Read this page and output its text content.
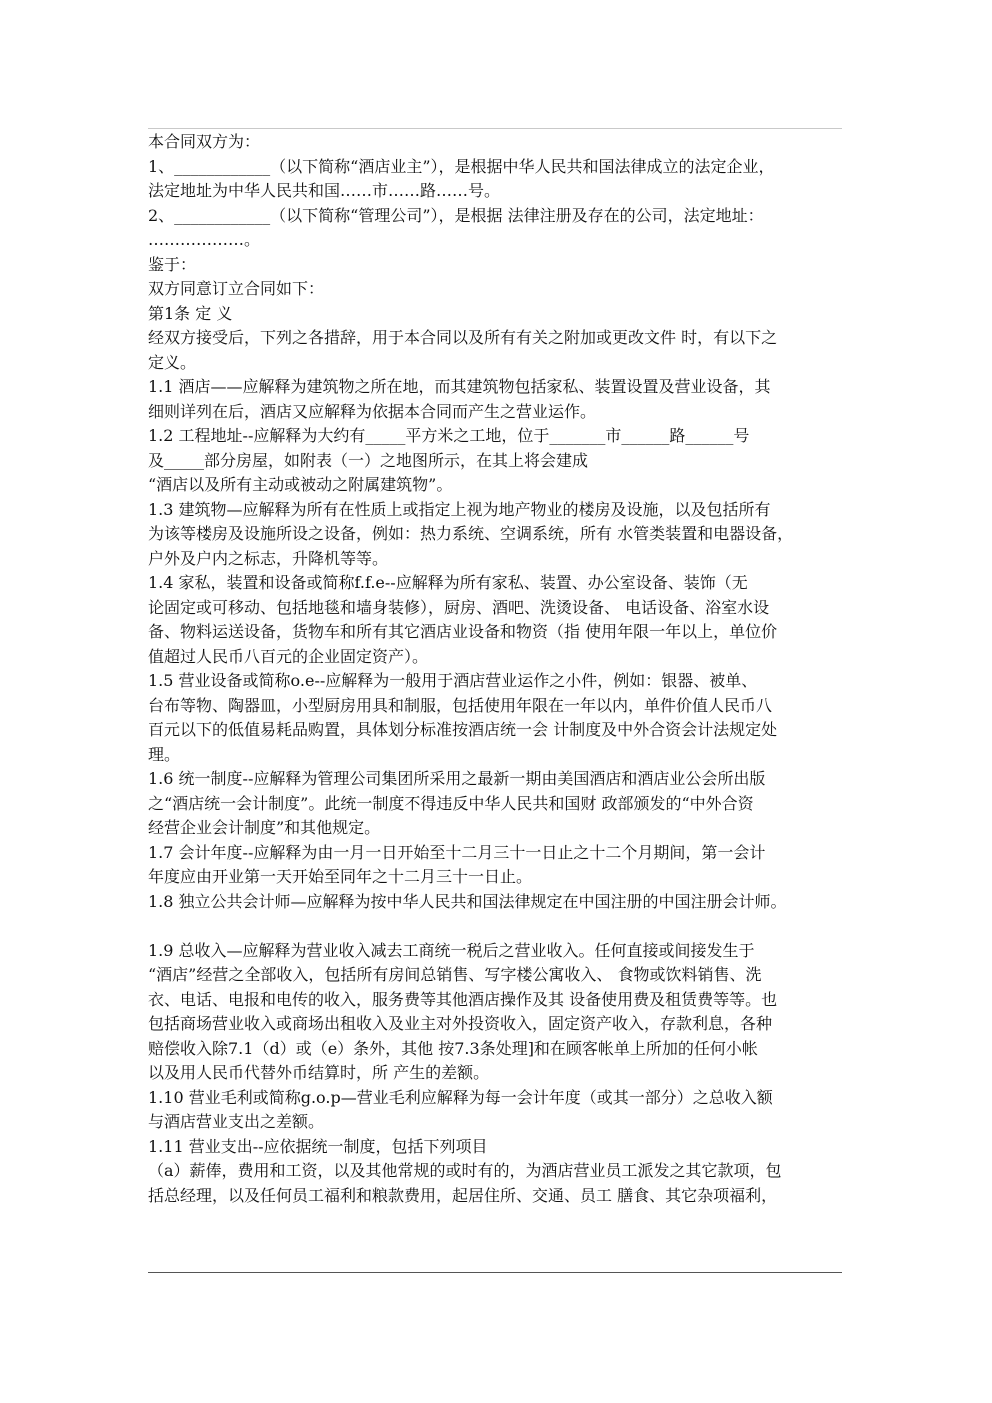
本合同双方为：
1、____________（以下简称“酒店业主”），是根据中华人民共和国法律成立的法定企业，
法定地址为中华人民共和国……市……路……号。
2、____________（以下简称“管理公司”），是根据 法律注册及存在的公司，法定地址：
………………。
鉴于：
双方同意订立合同如下：
第1条 定 义
经双方接受后，下列之各措辞，用于本合同以及所有有关之附加或更改文件 时，有以下之
定义。
1.1 酒店——应解释为建筑物之所在地，而其建筑物包括家私、装置设置及营业设备，其
细则详列在后，酒店又应解释为依据本合同而产生之营业运作。
1.2 工程地址--应解释为大约有_____平方米之工地，位于_______市______路______号
及_____部分房屋，如附表（一）之地图所示，在其上将会建成
“酒店以及所有主动或被动之附属建筑物”。
1.3 建筑物—应解释为所有在性质上或指定上视为地产物业的楼房及设施，以及包括所有
为该等楼房及设施所设之设备，例如：热力系统、空调系统，所有 水管类装置和电器设备，
户外及户内之标志，升降机等等。
1.4 家私，装置和设备或简称f.f.e--应解释为所有家私、装置、办公室设备、装饰（无
论固定或可移动、包括地毯和墙身装修），厨房、酒吧、洗烫设备、 电话设备、浴室水设
备、物料运送设备，货物车和所有其它酒店业设备和物资（指 使用年限一年以上，单位价
值超过人民币八百元的企业固定资产）。
1.5 营业设备或简称o.e--应解释为一般用于酒店营业运作之小件，例如：银器、被单、
台布等物、陶器皿，小型厨房用具和制服，包括使用年限在一年以内，单件价值人民币八
百元以下的低值易耗品购置，具体划分标准按酒店统一会 计制度及中外合资会计法规定处
理。
1.6 统一制度--应解释为管理公司集团所采用之最新一期由美国酒店和酒店业公会所出版
之“酒店统一会计制度”。此统一制度不得违反中华人民共和国财 政部颁发的“中外合资
经营企业会计制度”和其他规定。
1.7 会计年度--应解释为由一月一日开始至十二月三十一日止之十二个月期间，第一会计
年度应由开业第一天开始至同年之十二月三十一日止。
1.8 独立公共会计师—应解释为按中华人民共和国法律规定在中国注册的中国注册会计师。
1.9 总收入—应解释为营业收入减去工商统一税后之营业收入。任何直接或间接发生于
“酒店”经营之全部收入，包括所有房间总销售、写字楼公寓收入、 食物或饮料销售、洗
衣、电话、电报和电传的收入，服务费等其他酒店操作及其 设备使用费及租赁费等等。也
包括商场营业收入或商场出租收入及业主对外投资收入，固定资产收入，存款利息，各种
赔偿收入除7.1（d）或（e）条外，其他 按7.3条处理]和在顾客帐单上所加的任何小帐
以及用人民币代替外币结算时，所 产生的差额。
1.10 营业毛利或简称g.o.p—营业毛利应解释为每一会计年度（或其一部分）之总收入额
与酒店营业支出之差额。
1.11 营业支出--应依据统一制度，包括下列项目
（a）薪俸，费用和工资，以及其他常规的或时有的，为酒店营业员工派发之其它款项，包
括总经理，以及任何员工福利和粮款费用，起居住所、交通、员工 膳食、其它杂项福利，
